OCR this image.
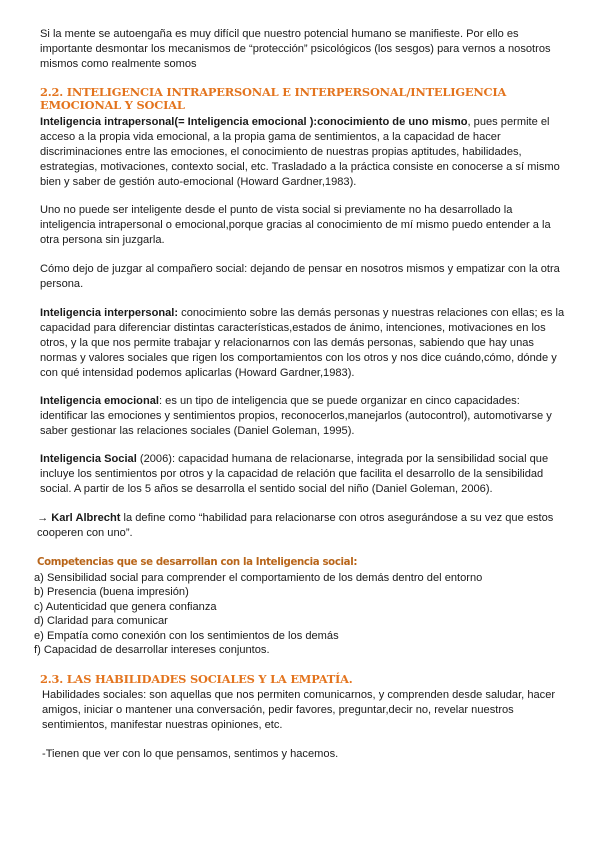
Si la mente se autoengaña es muy difícil que nuestro potencial humano se manifieste. Por ello es importante desmontar los mecanismos de “protección” psicológicos (los sesgos) para vernos a nosotros mismos como realmente somos

2.2. INTELIGENCIA INTRAPERSONAL E INTERPERSONAL/INTELIGENCIA EMOCIONAL Y SOCIAL

Inteligencia intrapersonal(= Inteligencia emocional ):conocimiento de uno mismo, pues permite el acceso a la propia vida emocional, a la propia gama de sentimientos, a la capacidad de hacer discriminaciones entre las emociones, el conocimiento de nuestras propias aptitudes, habilidades, estrategias, motivaciones, contexto social, etc. Trasladado a la práctica consiste en conocerse a sí mismo bien y saber de gestión auto-emocional (Howard Gardner,1983).

Uno no puede ser inteligente desde el punto de vista social si previamente no ha desarrollado la inteligencia intrapersonal o emocional,porque gracias al conocimiento de mí mismo puedo entender a la otra persona sin juzgarla.

Cómo dejo de juzgar al compañero social: dejando de pensar en nosotros mismos y empatizar con la otra persona.

Inteligencia interpersonal: conocimiento sobre las demás personas y nuestras relaciones con ellas; es la capacidad para diferenciar distintas características,estados de ánimo, intenciones, motivaciones en los otros, y la que nos permite trabajar y relacionarnos con las demás personas, sabiendo que hay unas normas y valores sociales que rigen los comportamientos con los otros y nos dice cuándo,cómo, dónde y con qué intensidad podemos aplicarlas (Howard Gardner,1983).

Inteligencia emocional: es un tipo de inteligencia que se puede organizar en cinco capacidades: identificar las emociones y sentimientos propios, reconocerlos,manejarlos (autocontrol), automotivarse y saber gestionar las relaciones sociales (Daniel Goleman, 1995).

Inteligencia Social (2006): capacidad humana de relacionarse, integrada por la sensibilidad social que incluye los sentimientos por otros y la capacidad de relación que facilita el desarrollo de la sensibilidad social. A partir de los 5 años se desarrolla el sentido social del niño (Daniel Goleman, 2006).

→ Karl Albrecht la define como “habilidad para relacionarse con otros asegurándose a su vez que estos cooperen con uno”.

Competencias que se desarrollan con la Inteligencia social:

a) Sensibilidad social para comprender el comportamiento de los demás dentro del entorno
b) Presencia (buena impresión)
c) Autenticidad que genera confianza
d) Claridad para comunicar
e) Empatía como conexión con los sentimientos de los demás
f) Capacidad de desarrollar intereses conjuntos.
2.3. LAS HABILIDADES SOCIALES Y LA EMPATÍA.

Habilidades sociales: son aquellas que nos permiten comunicarnos, y comprenden desde saludar, hacer amigos, iniciar o mantener una conversación, pedir favores, preguntar,decir no, revelar nuestros sentimientos, manifestar nuestras opiniones, etc.

-Tienen que ver con lo que pensamos, sentimos y hacemos.
